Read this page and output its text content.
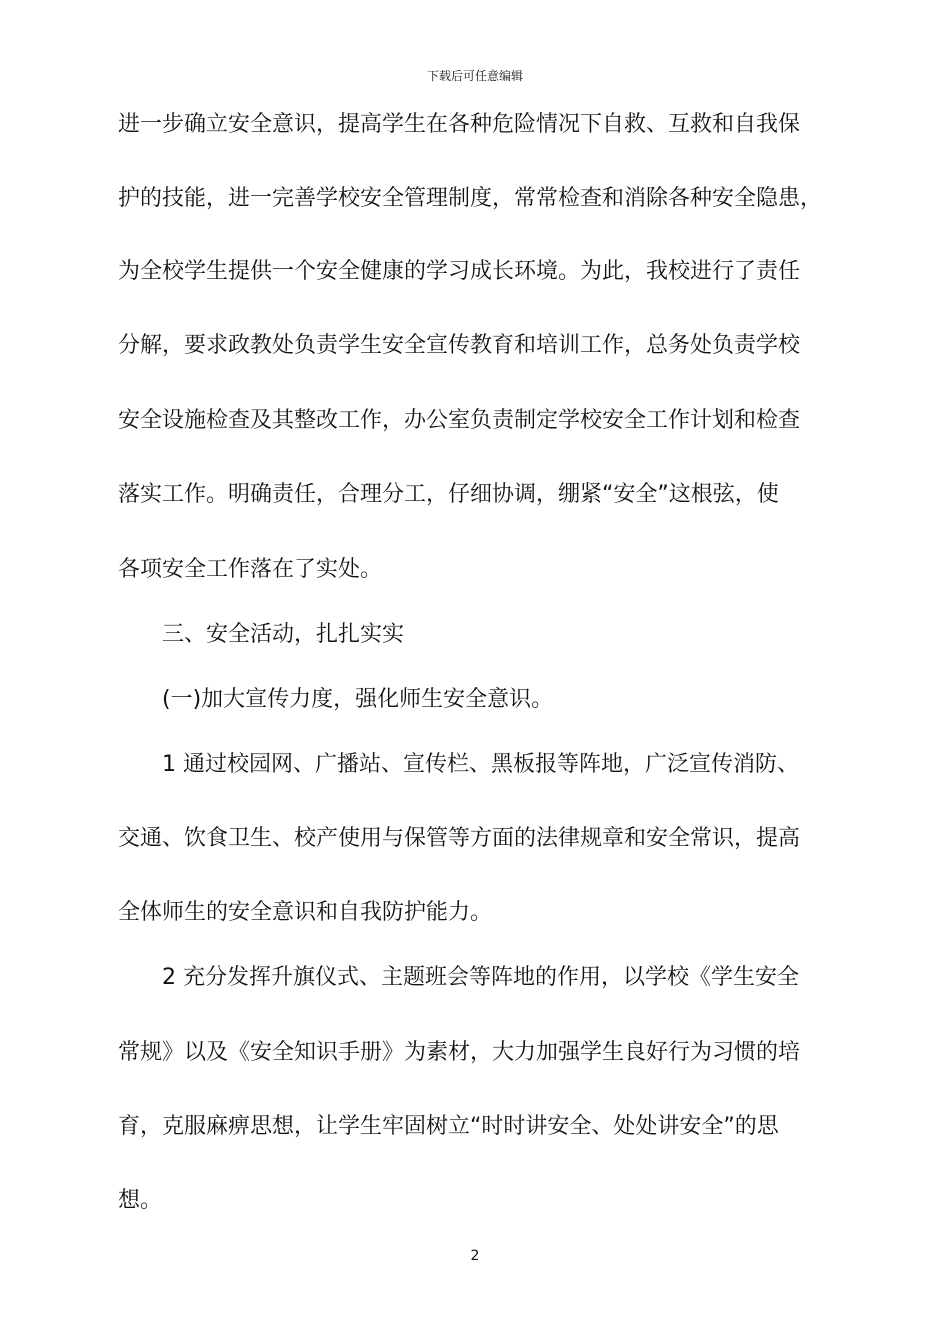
下载后可任意编辑
进一步确立安全意识，提高学生在各种危险情况下自救、互救和自我保
护的技能，进一完善学校安全管理制度，常常检查和消除各种安全隐患，
为全校学生提供一个安全健康的学习成长环境。为此，我校进行了责任
分解，要求政教处负责学生安全宣传教育和培训工作，总务处负责学校
安全设施检查及其整改工作，办公室负责制定学校安全工作计划和检查
落实工作。明确责任，合理分工，仔细协调，绷紧“安全”这根弦，使
各项安全工作落在了实处。
三、安全活动，扎扎实实
(一)加大宣传力度，强化师生安全意识。
1 通过校园网、广播站、宣传栏、黑板报等阵地，广泛宣传消防、
交通、饮食卫生、校产使用与保管等方面的法律规章和安全常识，提高
全体师生的安全意识和自我防护能力。
2 充分发挥升旗仪式、主题班会等阵地的作用，以学校《学生安全
常规》以及《安全知识手册》为素材，大力加强学生良好行为习惯的培
育，克服麻痹思想，让学生牢固树立“时时讲安全、处处讲安全”的思
想。
2
